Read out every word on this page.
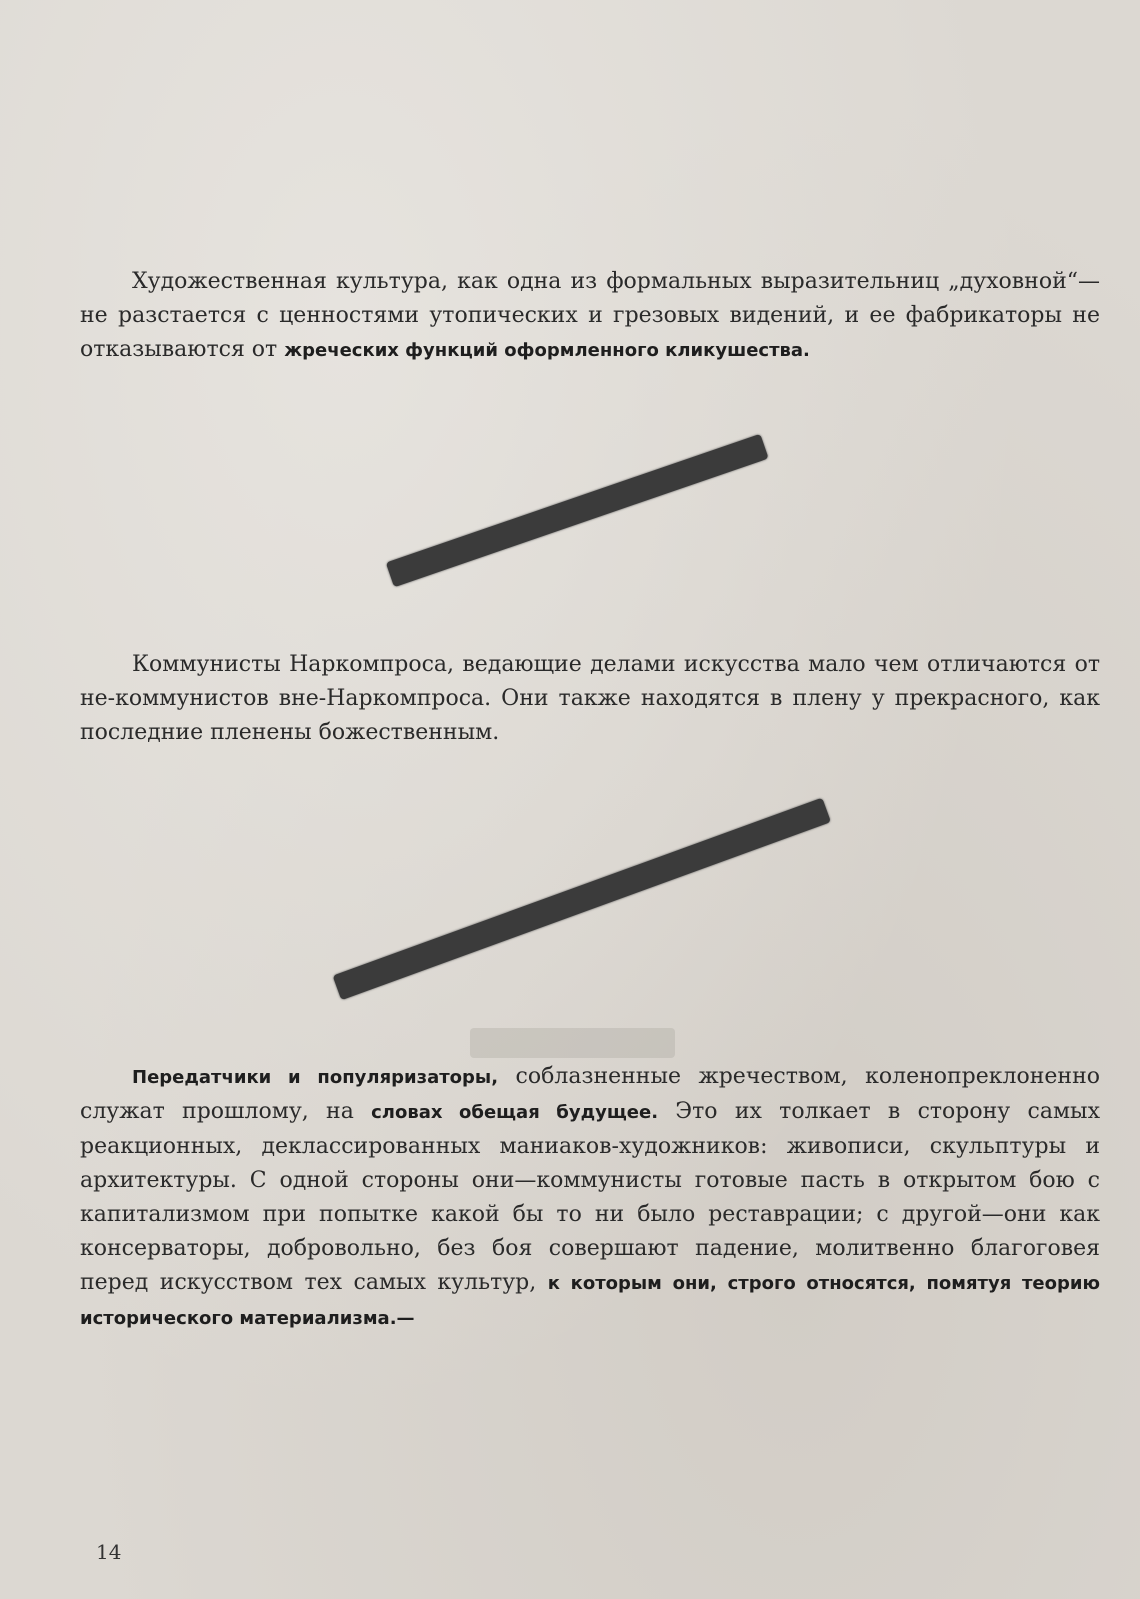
Художественная культура, как одна из формальных выразительниц „духовной“—не разстается с ценностями утопических и грезовых видений, и ее фабрикаторы не отказываются от жреческих функций оформленного кликушества.

Коммунисты Наркомпроса, ведающие делами искусства мало чем отличаются от не-коммунистов вне-Наркомпроса. Они также находятся в плену у прекрасного, как последние пленены божественным.

Передатчики и популяризаторы, соблазненные жречеством, коленопреклоненно служат прошлому, на словах обещая будущее. Это их толкает в сторону самых реакционных, деклассированных маниаков-художников: живописи, скульптуры и архитектуры. С одной стороны они—коммунисты готовые пасть в открытом бою с капитализмом при попытке какой бы то ни было реставрации; с другой—они как консерваторы, добровольно, без боя совершают падение, молитвенно благоговея перед искусством тех самых культур, к которым они, строго относятся, помятуя теорию исторического материализма.—

14
